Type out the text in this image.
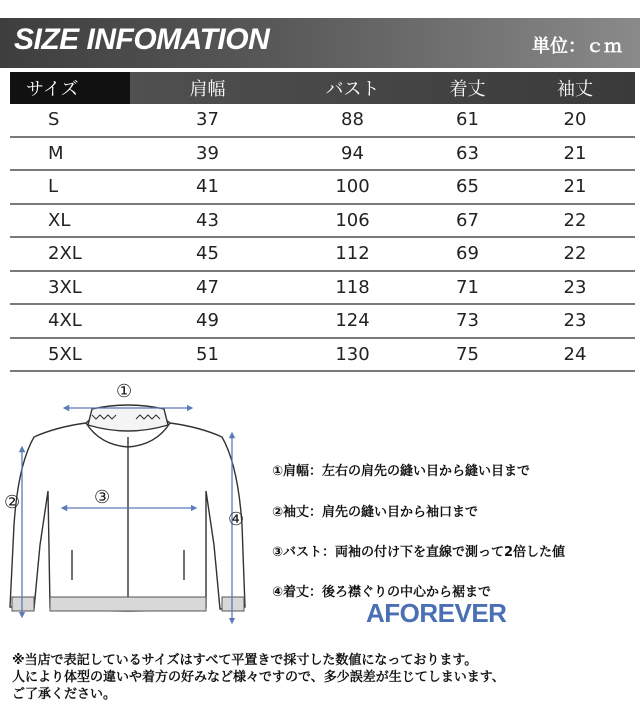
SIZE INFOMATION	単位：ｃｍ
サイズ	肩幅	バスト	着丈	袖丈
S	37	88	61	20
M	39	94	63	21
L	41	100	65	21
XL	43	106	67	22
2XL	45	112	69	22
3XL	47	118	71	23
4XL	49	124	73	23
5XL	51	130	75	24
①
②	③
④
①肩幅：左右の肩先の縫い目から縫い目まで
②袖丈：肩先の縫い目から袖口まで
③バスト：両袖の付け下を直線で測って2倍した値
④着丈：後ろ襟ぐりの中心から裾まで
AFOREVER
※当店で表記しているサイズはすべて平置きで採寸した数値になっております。
人により体型の違いや着方の好みなど様々ですので、多少誤差が生じてしまいます、
ご了承ください。
